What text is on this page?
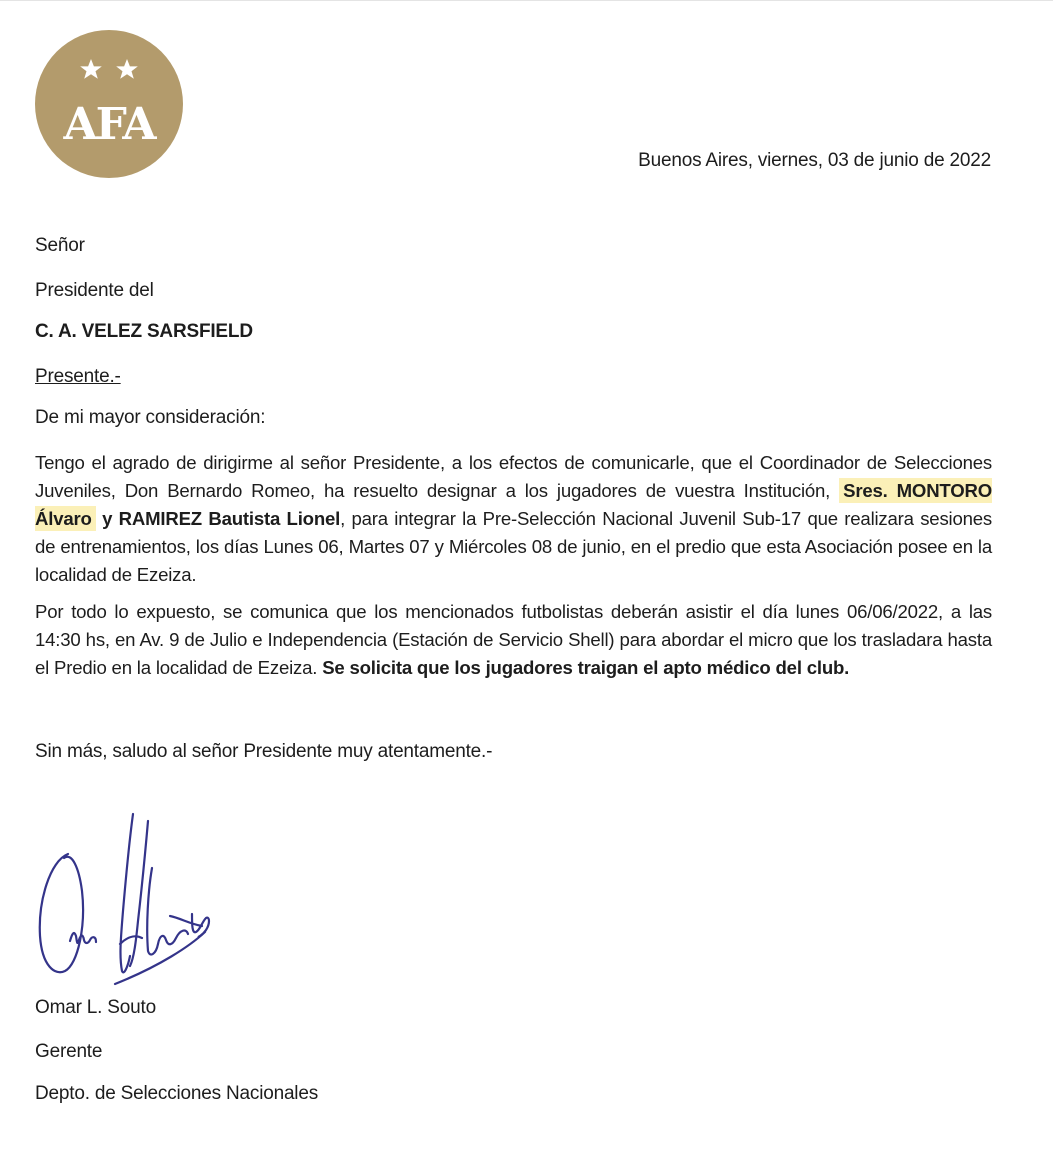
AFA
Buenos Aires, viernes, 03 de junio de 2022
Señor
Presidente del
C. A. VELEZ SARSFIELD
Presente.-
De mi mayor consideración:
Tengo el agrado de dirigirme al señor Presidente, a los efectos de comunicarle, que el Coordinador de Selecciones Juveniles, Don Bernardo Romeo, ha resuelto designar a los jugadores de vuestra Institución, Sres. MONTORO Álvaro y RAMIREZ Bautista Lionel, para integrar la Pre-Selección Nacional Juvenil Sub-17 que realizara sesiones de entrenamientos, los días Lunes 06, Martes 07 y Miércoles 08 de junio, en el predio que esta Asociación posee en la localidad de Ezeiza.
Por todo lo expuesto, se comunica que los mencionados futbolistas deberán asistir el día lunes 06/06/2022, a las 14:30 hs, en Av. 9 de Julio e Independencia (Estación de Servicio Shell) para abordar el micro que los trasladara hasta el Predio en la localidad de Ezeiza. Se solicita que los jugadores traigan el apto médico del club.
Sin más, saludo al señor Presidente muy atentamente.-
Omar L. Souto
Gerente
Depto. de Selecciones Nacionales
